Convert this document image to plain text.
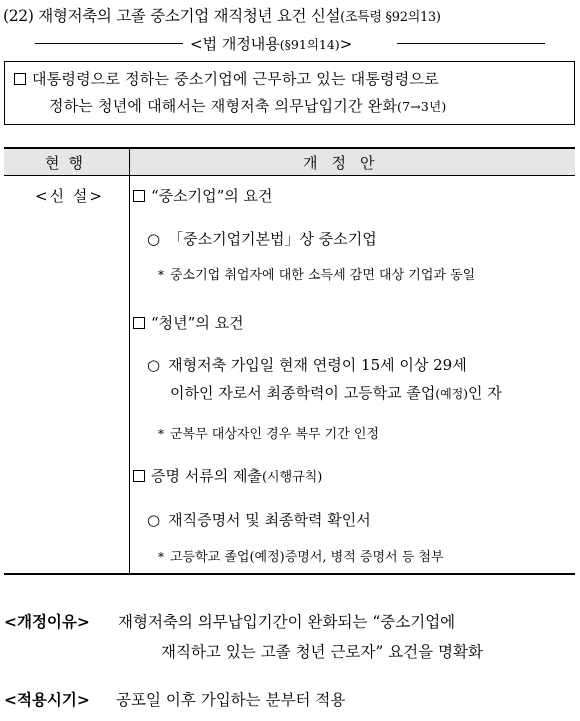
(22) 재형저축의 고졸 중소기업 재직청년 요건 신설(조특령 §92의13)
<법 개정내용(§91의14)>
대통령령으로 정하는 중소기업에 근무하고 있는 대통령령으로
정하는 청년에 대해서는 재형저축 의무납입기간 완화(7→3년)
현행	개정안
<신 설>	“중소기업”의 요건
○ 「중소기업기본법」상 중소기업
* 중소기업 취업자에 대한 소득세 감면 대상 기업과 동일
“청년”의 요건
○ 재형저축 가입일 현재 연령이 15세 이상 29세
이하인 자로서 최종학력이 고등학교 졸업(예정)인 자
* 군복무 대상자인 경우 복무 기간 인정
증명 서류의 제출(시행규칙)
○ 재직증명서 및 최종학력 확인서
* 고등학교 졸업(예정)증명서, 병적 증명서 등 첨부
<개정이유> 재형저축의 의무납입기간이 완화되는 “중소기업에
재직하고 있는 고졸 청년 근로자” 요건을 명확화
<적용시기> 공포일 이후 가입하는 분부터 적용
